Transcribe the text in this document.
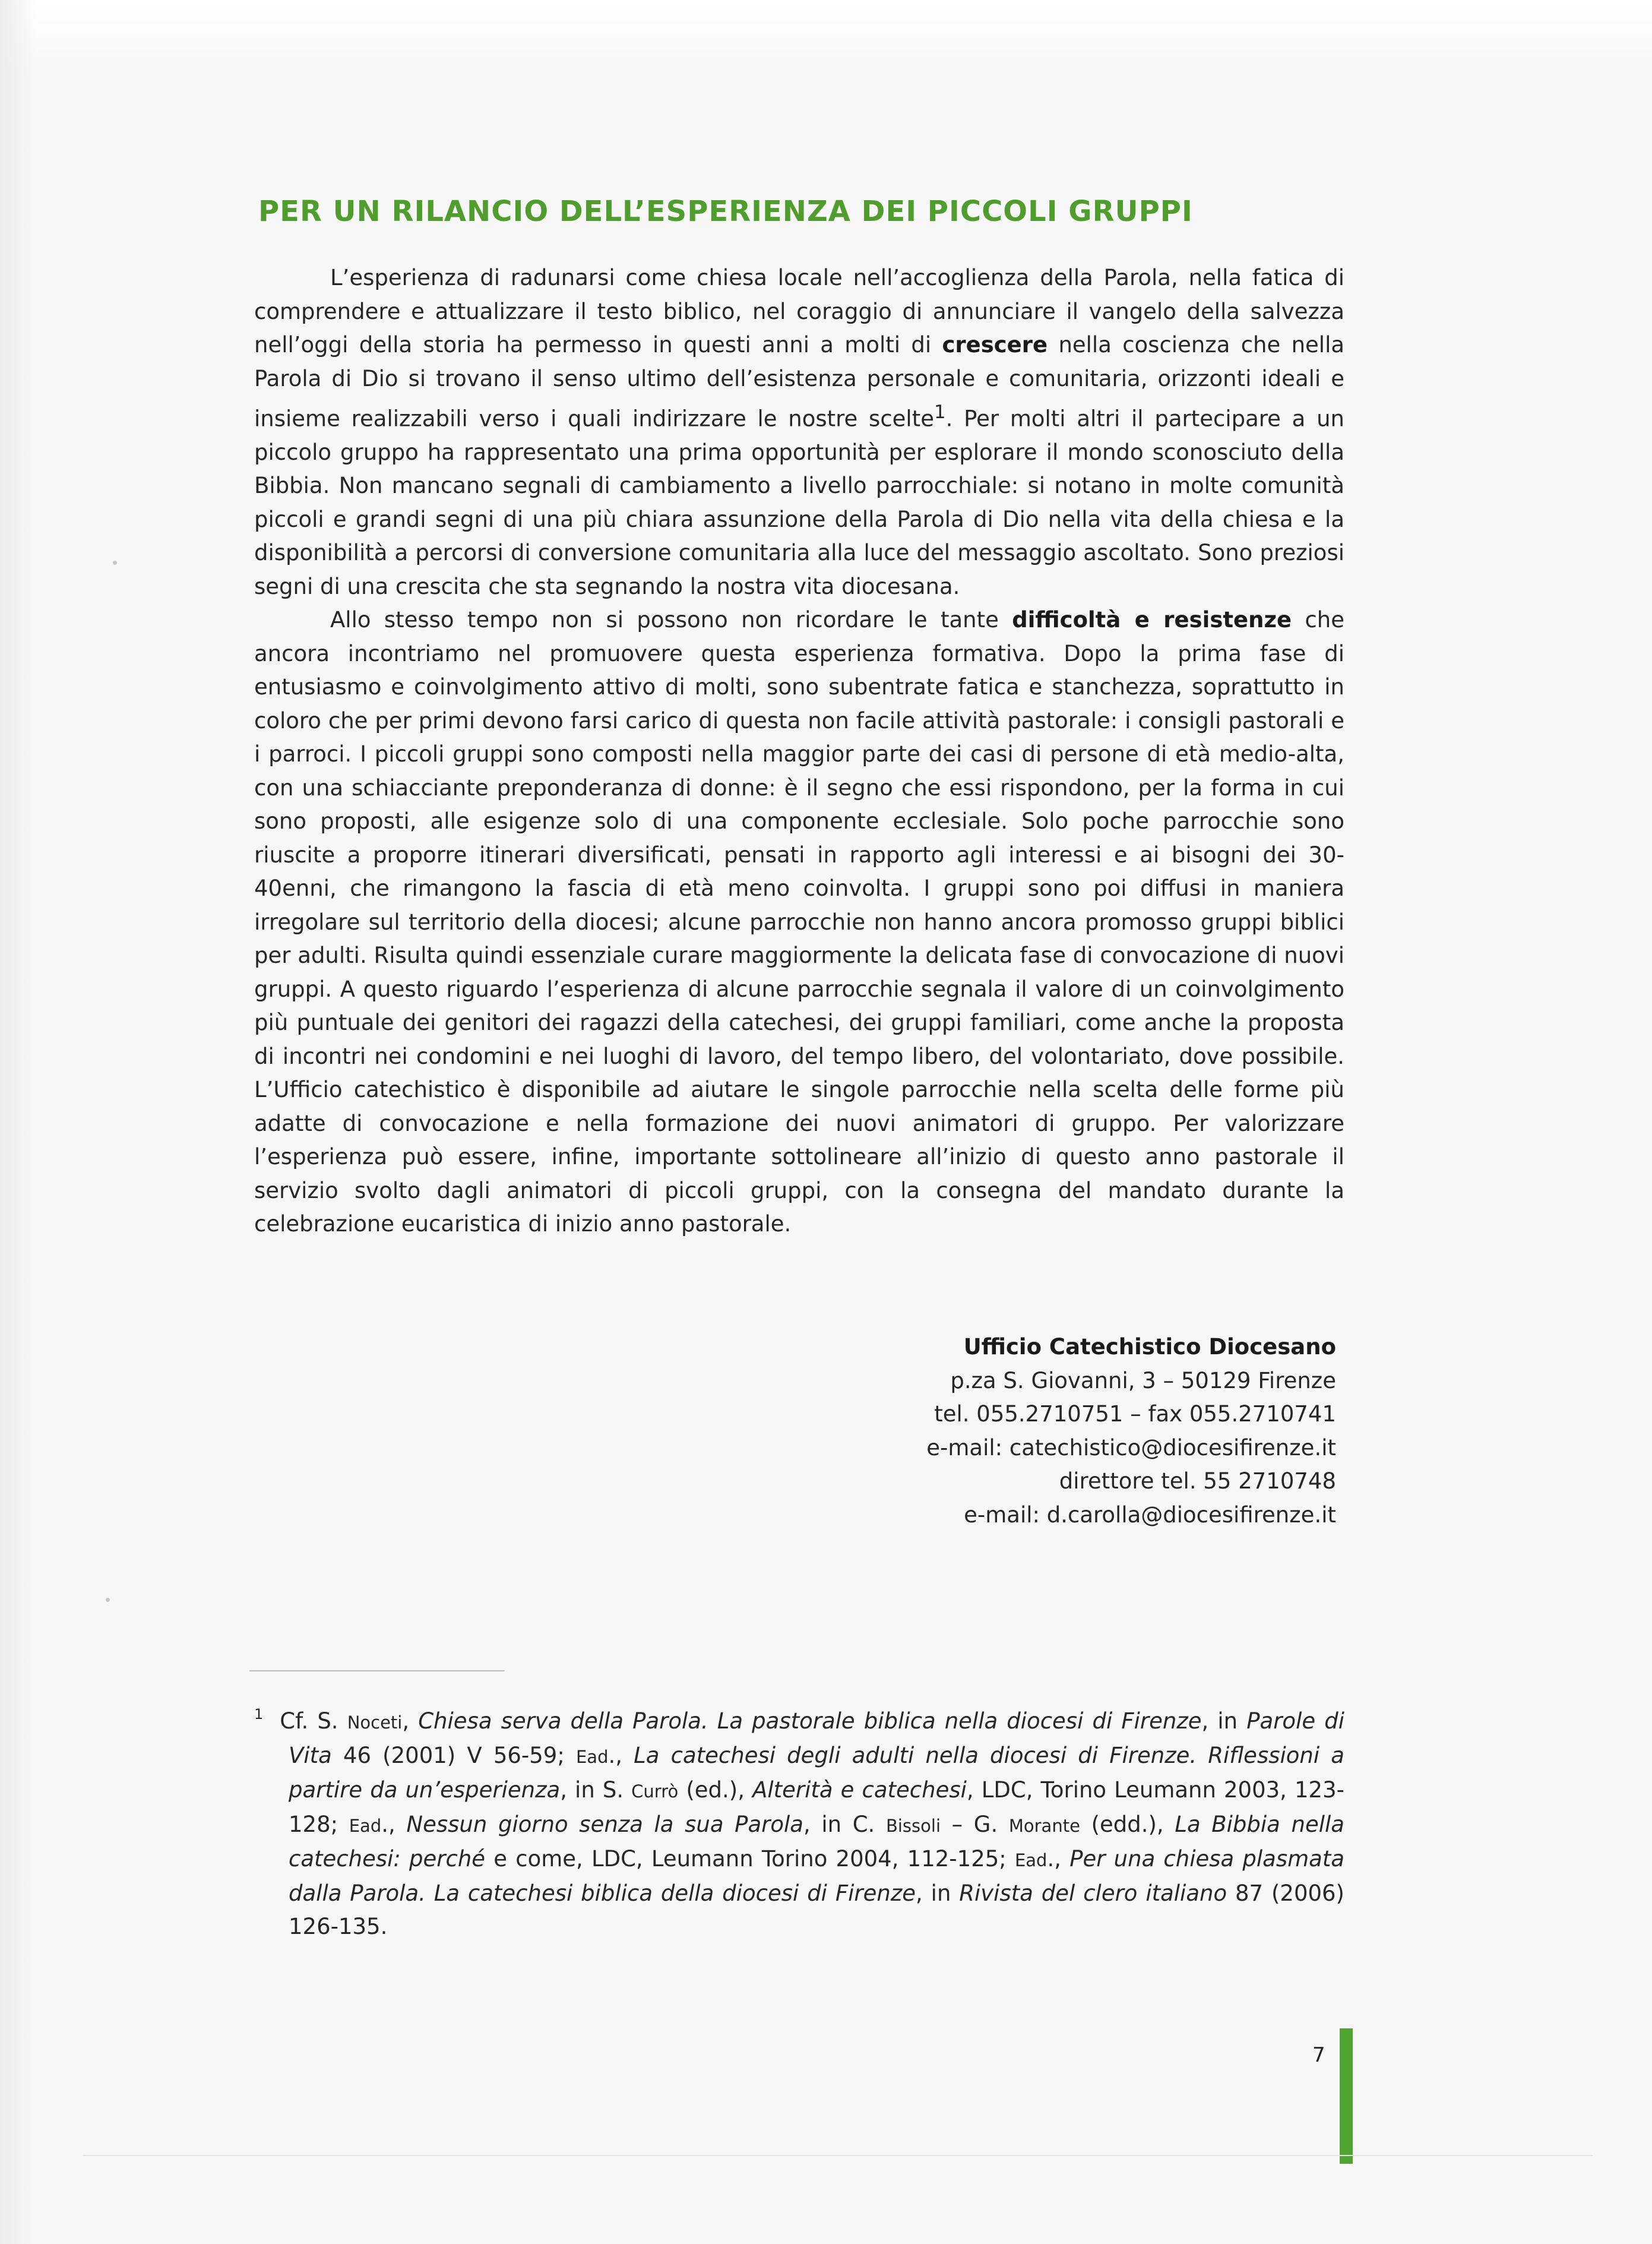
PER UN RILANCIO DELL’ESPERIENZA DEI PICCOLI GRUPPI

L’esperienza di radunarsi come chiesa locale nell’accoglienza della Parola, nella fatica di comprendere e attualizzare il testo biblico, nel coraggio di annunciare il vangelo della salvezza nell’oggi della storia ha permesso in questi anni a molti di crescere nella coscienza che nella Parola di Dio si trovano il senso ultimo dell’esistenza personale e comunitaria, orizzonti ideali e insieme realizzabili verso i quali indirizzare le nostre scelte$^1$. Per molti altri il partecipare a un piccolo gruppo ha rappresentato una prima opportunità per esplorare il mondo sconosciuto della Bibbia. Non mancano segnali di cambiamento a livello parrocchiale: si notano in molte comunità piccoli e grandi segni di una più chiara assunzione della Parola di Dio nella vita della chiesa e la disponibilità a percorsi di conversione comunitaria alla luce del messaggio ascoltato. Sono preziosi segni di una crescita che sta segnando la nostra vita diocesana.

Allo stesso tempo non si possono non ricordare le tante difficoltà e resistenze che ancora incontriamo nel promuovere questa esperienza formativa. Dopo la prima fase di entusiasmo e coinvolgimento attivo di molti, sono subentrate fatica e stanchezza, soprattutto in coloro che per primi devono farsi carico di questa non facile attività pastorale: i consigli pastorali e i parroci. I piccoli gruppi sono composti nella maggior parte dei casi di persone di età medio-alta, con una schiacciante preponderanza di donne: è il segno che essi rispondono, per la forma in cui sono proposti, alle esigenze solo di una componente ecclesiale. Solo poche parrocchie sono riuscite a proporre itinerari diversificati, pensati in rapporto agli interessi e ai bisogni dei 30-40enni, che rimangono la fascia di età meno coinvolta. I gruppi sono poi diffusi in maniera irregolare sul territorio della diocesi; alcune parrocchie non hanno ancora promosso gruppi biblici per adulti. Risulta quindi essenziale curare maggiormente la delicata fase di convocazione di nuovi gruppi. A questo riguardo l’esperienza di alcune parrocchie segnala il valore di un coinvolgimento più puntuale dei genitori dei ragazzi della catechesi, dei gruppi familiari, come anche la proposta di incontri nei condomini e nei luoghi di lavoro, del tempo libero, del volontariato, dove possibile. L’Ufficio catechistico è disponibile ad aiutare le singole parrocchie nella scelta delle forme più adatte di convocazione e nella formazione dei nuovi animatori di gruppo. Per valorizzare l’esperienza può essere, infine, importante sottolineare all’inizio di questo anno pastorale il servizio svolto dagli animatori di piccoli gruppi, con la consegna del mandato durante la celebrazione eucaristica di inizio anno pastorale.

Ufficio Catechistico Diocesano
p.za S. Giovanni, 3 – 50129 Firenze
tel. 055.2710751 – fax 055.2710741
e-mail: catechistico@diocesifirenze.it
direttore tel. 55 2710748
e-mail: d.carolla@diocesifirenze.it
$^1$ Cf. S. Noceti, Chiesa serva della Parola. La pastorale biblica nella diocesi di Firenze, in Parole di Vita 46 (2001) V 56-59; Ead., La catechesi degli adulti nella diocesi di Firenze. Riflessioni a partire da un’esperienza, in S. Currò (ed.), Alterità e catechesi, LDC, Torino Leumann 2003, 123-128; Ead., Nessun giorno senza la sua Parola, in C. Bissoli – G. Morante (edd.), La Bibbia nella catechesi: perché e come, LDC, Leumann Torino 2004, 112-125; Ead., Per una chiesa plasmata dalla Parola. La catechesi biblica della diocesi di Firenze, in Rivista del clero italiano 87 (2006) 126-135.
7
